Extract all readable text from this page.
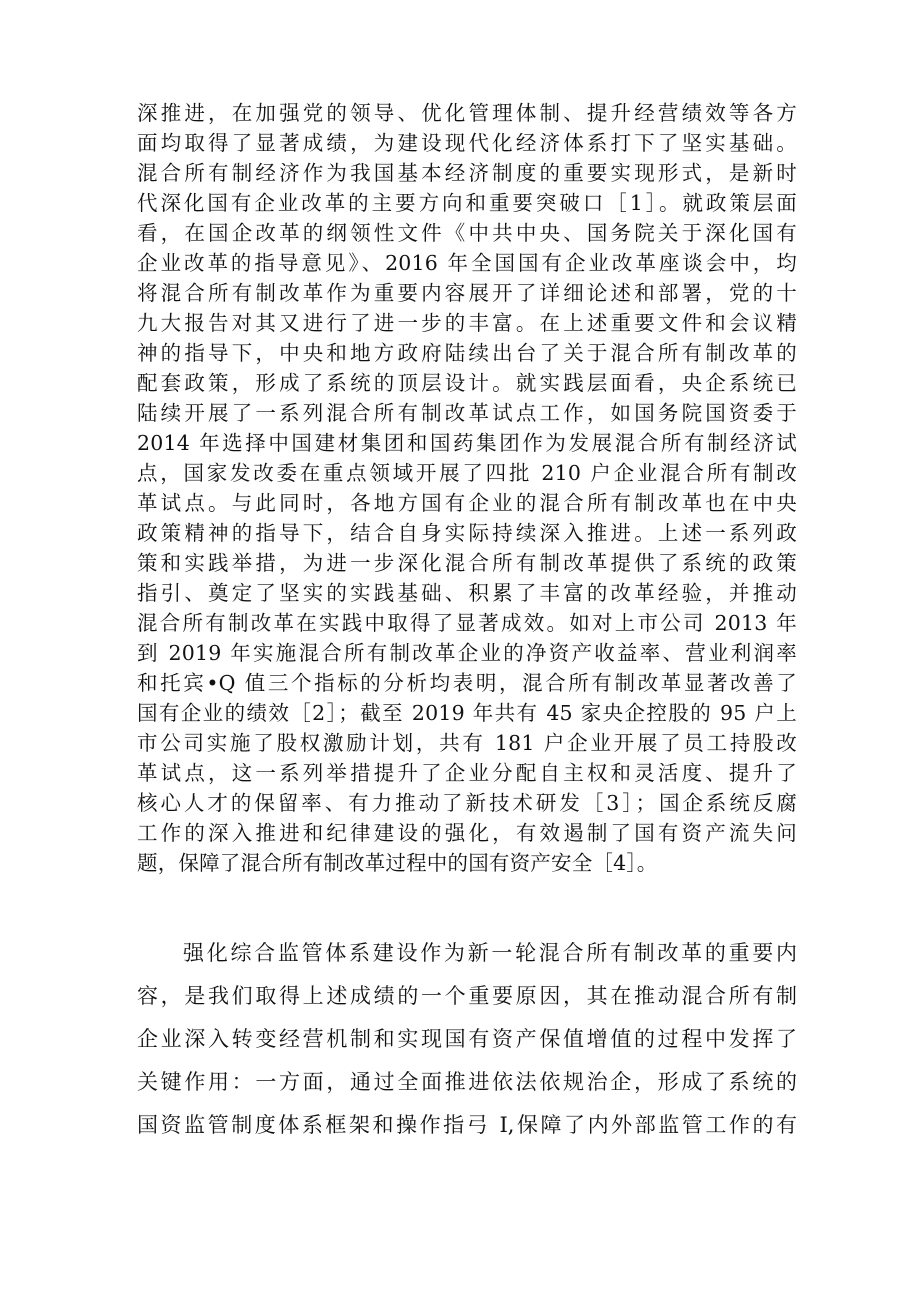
深推进，在加强党的领导、优化管理体制、提升经营绩效等各方
面均取得了显著成绩，为建设现代化经济体系打下了坚实基础。
混合所有制经济作为我国基本经济制度的重要实现形式，是新时
代深化国有企业改革的主要方向和重要突破口［1］。就政策层面
看，在国企改革的纲领性文件《中共中央、国务院关于深化国有
企业改革的指导意见》、2016 年全国国有企业改革座谈会中，均
将混合所有制改革作为重要内容展开了详细论述和部署，党的十
九大报告对其又进行了进一步的丰富。在上述重要文件和会议精
神的指导下，中央和地方政府陆续出台了关于混合所有制改革的
配套政策，形成了系统的顶层设计。就实践层面看，央企系统已
陆续开展了一系列混合所有制改革试点工作，如国务院国资委于
2014 年选择中国建材集团和国药集团作为发展混合所有制经济试
点，国家发改委在重点领域开展了四批 210 户企业混合所有制改
革试点。与此同时，各地方国有企业的混合所有制改革也在中央
政策精神的指导下，结合自身实际持续深入推进。上述一系列政
策和实践举措，为进一步深化混合所有制改革提供了系统的政策
指引、奠定了坚实的实践基础、积累了丰富的改革经验，并推动
混合所有制改革在实践中取得了显著成效。如对上市公司 2013 年
到 2019 年实施混合所有制改革企业的净资产收益率、营业利润率
和托宾•Q 值三个指标的分析均表明，混合所有制改革显著改善了
国有企业的绩效［2］；截至 2019 年共有 45 家央企控股的 95 户上
市公司实施了股权激励计划，共有 181 户企业开展了员工持股改
革试点，这一系列举措提升了企业分配自主权和灵活度、提升了
核心人才的保留率、有力推动了新技术研发［3］；国企系统反腐
工作的深入推进和纪律建设的强化，有效遏制了国有资产流失问
题，保障了混合所有制改革过程中的国有资产安全［4］。
强化综合监管体系建设作为新一轮混合所有制改革的重要内
容，是我们取得上述成绩的一个重要原因，其在推动混合所有制
企业深入转变经营机制和实现国有资产保值增值的过程中发挥了
关键作用：一方面，通过全面推进依法依规治企，形成了系统的
国资监管制度体系框架和操作指弓 I,保障了内外部监管工作的有
